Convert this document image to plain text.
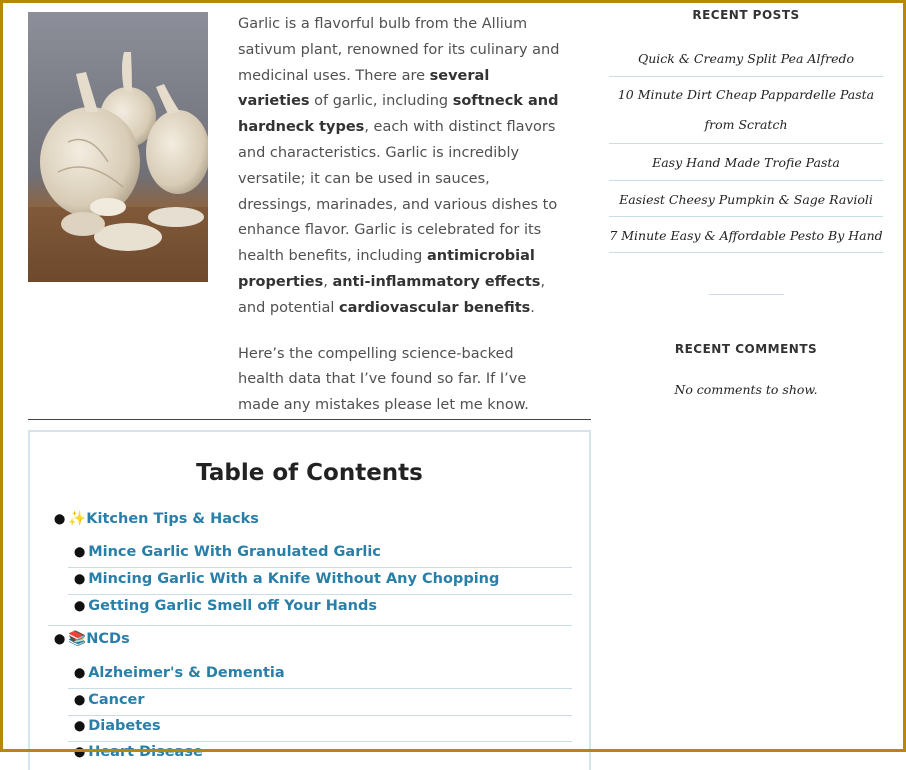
Garlic is a flavorful bulb from the Allium sativum plant, renowned for its culinary and medicinal uses. There are several varieties of garlic, including softneck and hardneck types, each with distinct flavors and characteristics. Garlic is incredibly versatile; it can be used in sauces, dressings, marinades, and various dishes to enhance flavor. Garlic is celebrated for its health benefits, including antimicrobial properties, anti-inflammatory effects, and potential cardiovascular benefits.

Here’s the compelling science-backed health data that I’ve found so far. If I’ve made any mistakes please let me know.

Table of Contents
⬤ ✨Kitchen Tips & Hacks
⬤ Mince Garlic With Granulated Garlic
⬤ Mincing Garlic With a Knife Without Any Chopping
⬤ Getting Garlic Smell off Your Hands
⬤ 📚NCDs
⬤ Alzheimer's & Dementia
⬤ Cancer
⬤ Diabetes
⬤ Heart Disease
RECENT POSTS
Quick & Creamy Split Pea Alfredo
10 Minute Dirt Cheap Pappardelle Pasta from Scratch
Easy Hand Made Trofie Pasta
Easiest Cheesy Pumpkin & Sage Ravioli
7 Minute Easy & Affordable Pesto By Hand
RECENT COMMENTS
No comments to show.
